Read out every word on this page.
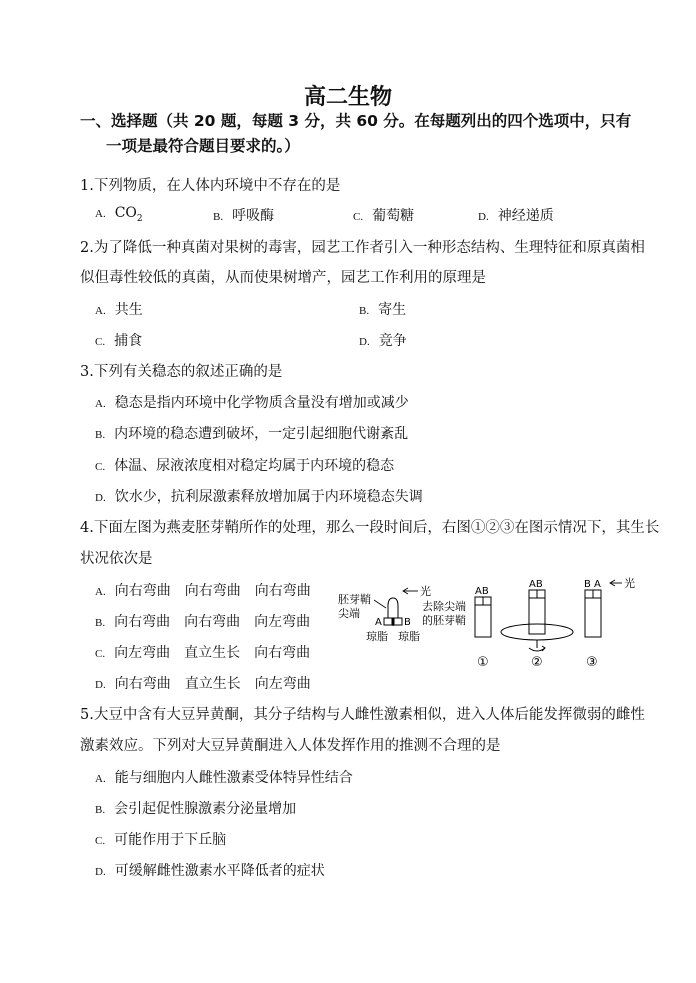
高二生物
一、选择题（共 20 题，每题 3 分，共 60 分。在每题列出的四个选项中，只有
一项是最符合题目要求的。）
1.下列物质，在人体内环境中不存在的是
A. $CO_2$	B. 呼吸酶	C. 葡萄糖	D. 神经递质
2.为了降低一种真菌对果树的毒害，园艺工作者引入一种形态结构、生理特征和原真菌相
似但毒性较低的真菌，从而使果树增产，园艺工作利用的原理是
A. 共生	B. 寄生
C. 捕食	D. 竞争
3.下列有关稳态的叙述正确的是
A. 稳态是指内环境中化学物质含量没有增加或减少
B. 内环境的稳态遭到破坏，一定引起细胞代谢紊乱
C. 体温、尿液浓度相对稳定均属于内环境的稳态
D. 饮水少，抗利尿激素释放增加属于内环境稳态失调
4.下面左图为燕麦胚芽鞘所作的处理，那么一段时间后，右图①②③在图示情况下，其生长
状况依次是
A. 向右弯曲　向右弯曲　向右弯曲
B. 向右弯曲　向右弯曲　向左弯曲
C. 向左弯曲　直立生长　向右弯曲
D. 向右弯曲　直立生长　向左弯曲
胚芽鞘
尖端
光
A B
琼脂 琼脂
去除尖端
的胚芽鞘
AB
①
AB
②
B A 光
③
5.大豆中含有大豆异黄酮，其分子结构与人雌性激素相似，进入人体后能发挥微弱的雌性
激素效应。下列对大豆异黄酮进入人体发挥作用的推测不合理的是
A. 能与细胞内人雌性激素受体特异性结合
B. 会引起促性腺激素分泌量增加
C. 可能作用于下丘脑
D. 可缓解雌性激素水平降低者的症状
